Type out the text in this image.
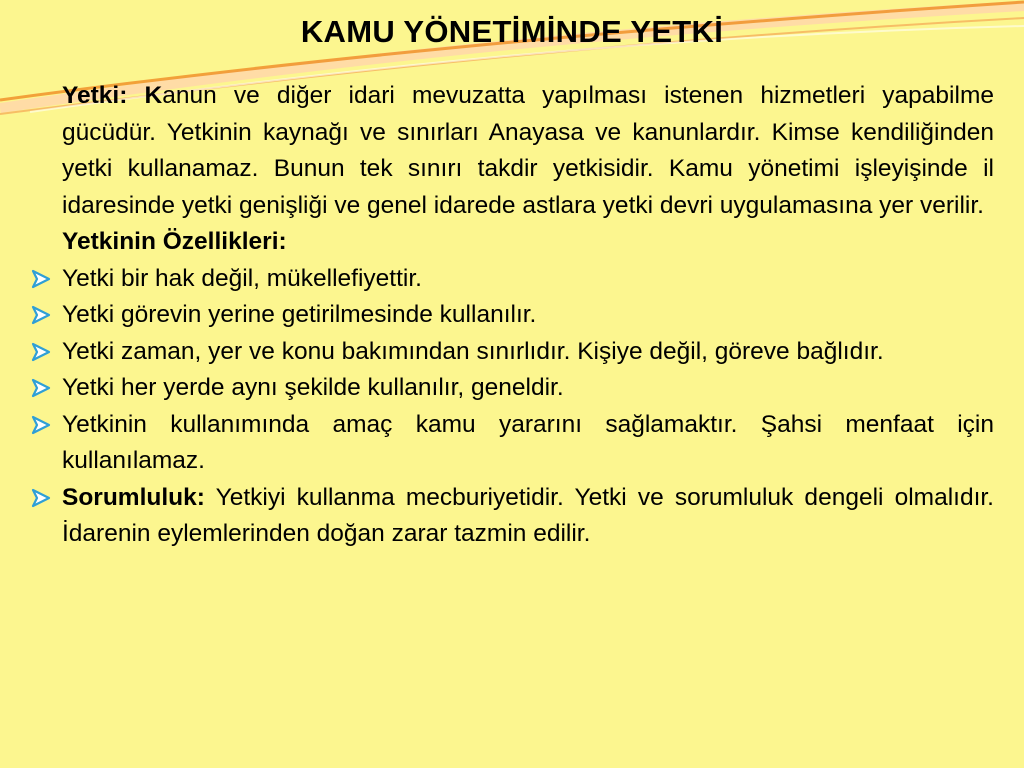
KAMU YÖNETİMİNDE YETKİ
Yetki: Kanun ve diğer idari mevuzatta yapılması istenen hizmetleri yapabilme gücüdür. Yetkinin kaynağı ve sınırları Anayasa ve kanunlardır. Kimse kendiliğinden yetki kullanamaz. Bunun tek sınırı takdir yetkisidir. Kamu yönetimi işleyişinde il idaresinde yetki genişliği ve genel idarede astlara yetki devri uygulamasına yer verilir.
Yetkinin Özellikleri:
Yetki bir hak değil, mükellefiyettir.
Yetki görevin yerine getirilmesinde kullanılır.
Yetki zaman, yer ve konu bakımından sınırlıdır. Kişiye değil, göreve bağlıdır.
Yetki her yerde aynı şekilde kullanılır, geneldir.
Yetkinin kullanımında amaç kamu yararını sağlamaktır. Şahsi menfaat için kullanılamaz.
Sorumluluk: Yetkiyi kullanma mecburiyetidir. Yetki ve sorumluluk dengeli olmalıdır. İdarenin eylemlerinden doğan zarar tazmin edilir.
